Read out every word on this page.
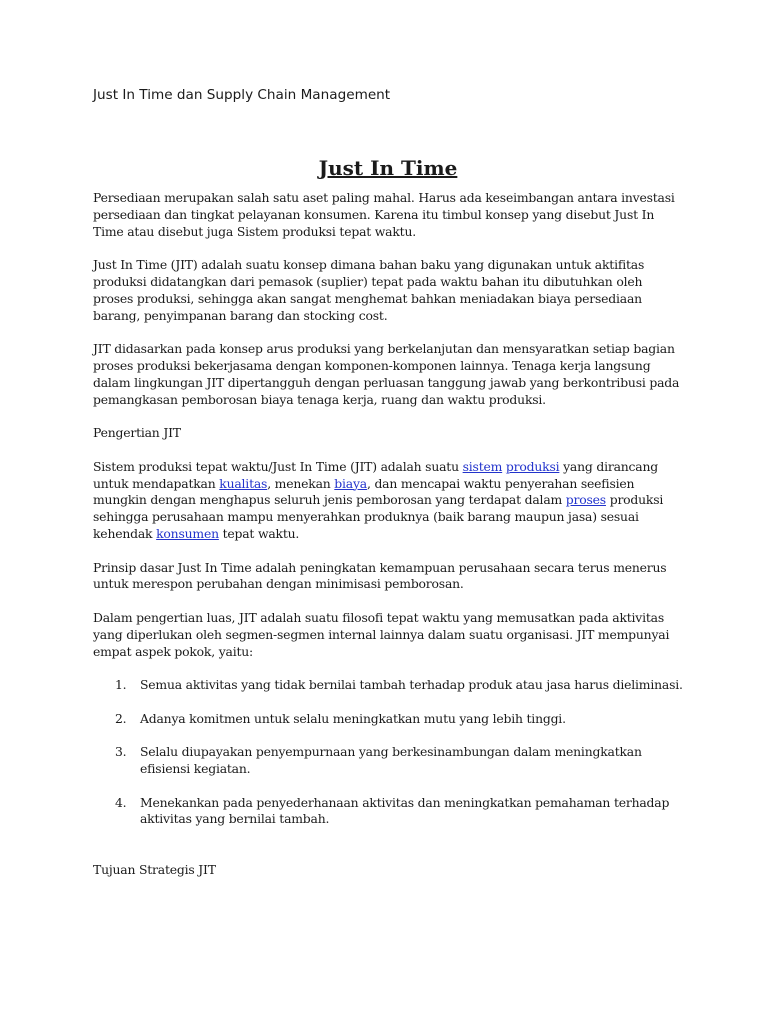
Just In Time dan Supply Chain Management
Just In Time

Persediaan merupakan salah satu aset paling mahal. Harus ada keseimbangan antara investasi persediaan dan tingkat pelayanan konsumen. Karena itu timbul konsep yang disebut Just In Time atau disebut juga Sistem produksi tepat waktu.

Just In Time (JIT) adalah suatu konsep dimana bahan baku yang digunakan untuk aktifitas produksi didatangkan dari pemasok (suplier) tepat pada waktu bahan itu dibutuhkan oleh proses produksi, sehingga akan sangat menghemat bahkan meniadakan biaya persediaan barang, penyimpanan barang dan stocking cost.

JIT didasarkan pada konsep arus produksi yang berkelanjutan dan mensyaratkan setiap bagian proses produksi bekerjasama dengan komponen-komponen lainnya. Tenaga kerja langsung dalam lingkungan JIT dipertangguh dengan perluasan tanggung jawab yang berkontribusi pada pemangkasan pemborosan biaya tenaga kerja, ruang dan waktu produksi.

Pengertian JIT

Sistem produksi tepat waktu/Just In Time (JIT) adalah suatu sistem produksi yang dirancang untuk mendapatkan kualitas, menekan biaya, dan mencapai waktu penyerahan seefisien mungkin dengan menghapus seluruh jenis pemborosan yang terdapat dalam proses produksi sehingga perusahaan mampu menyerahkan produknya (baik barang maupun jasa) sesuai kehendak konsumen tepat waktu.

Prinsip dasar Just In Time adalah peningkatan kemampuan perusahaan secara terus menerus untuk merespon perubahan dengan minimisasi pemborosan.

Dalam pengertian luas, JIT adalah suatu filosofi tepat waktu yang memusatkan pada aktivitas yang diperlukan oleh segmen-segmen internal lainnya dalam suatu organisasi. JIT mempunyai empat aspek pokok, yaitu:

1. Semua aktivitas yang tidak bernilai tambah terhadap produk atau jasa harus dieliminasi.
2. Adanya komitmen untuk selalu meningkatkan mutu yang lebih tinggi.
3. Selalu diupayakan penyempurnaan yang berkesinambungan dalam meningkatkan efisiensi kegiatan.
4. Menekankan pada penyederhanaan aktivitas dan meningkatkan pemahaman terhadap aktivitas yang bernilai tambah.
Tujuan Strategis JIT
